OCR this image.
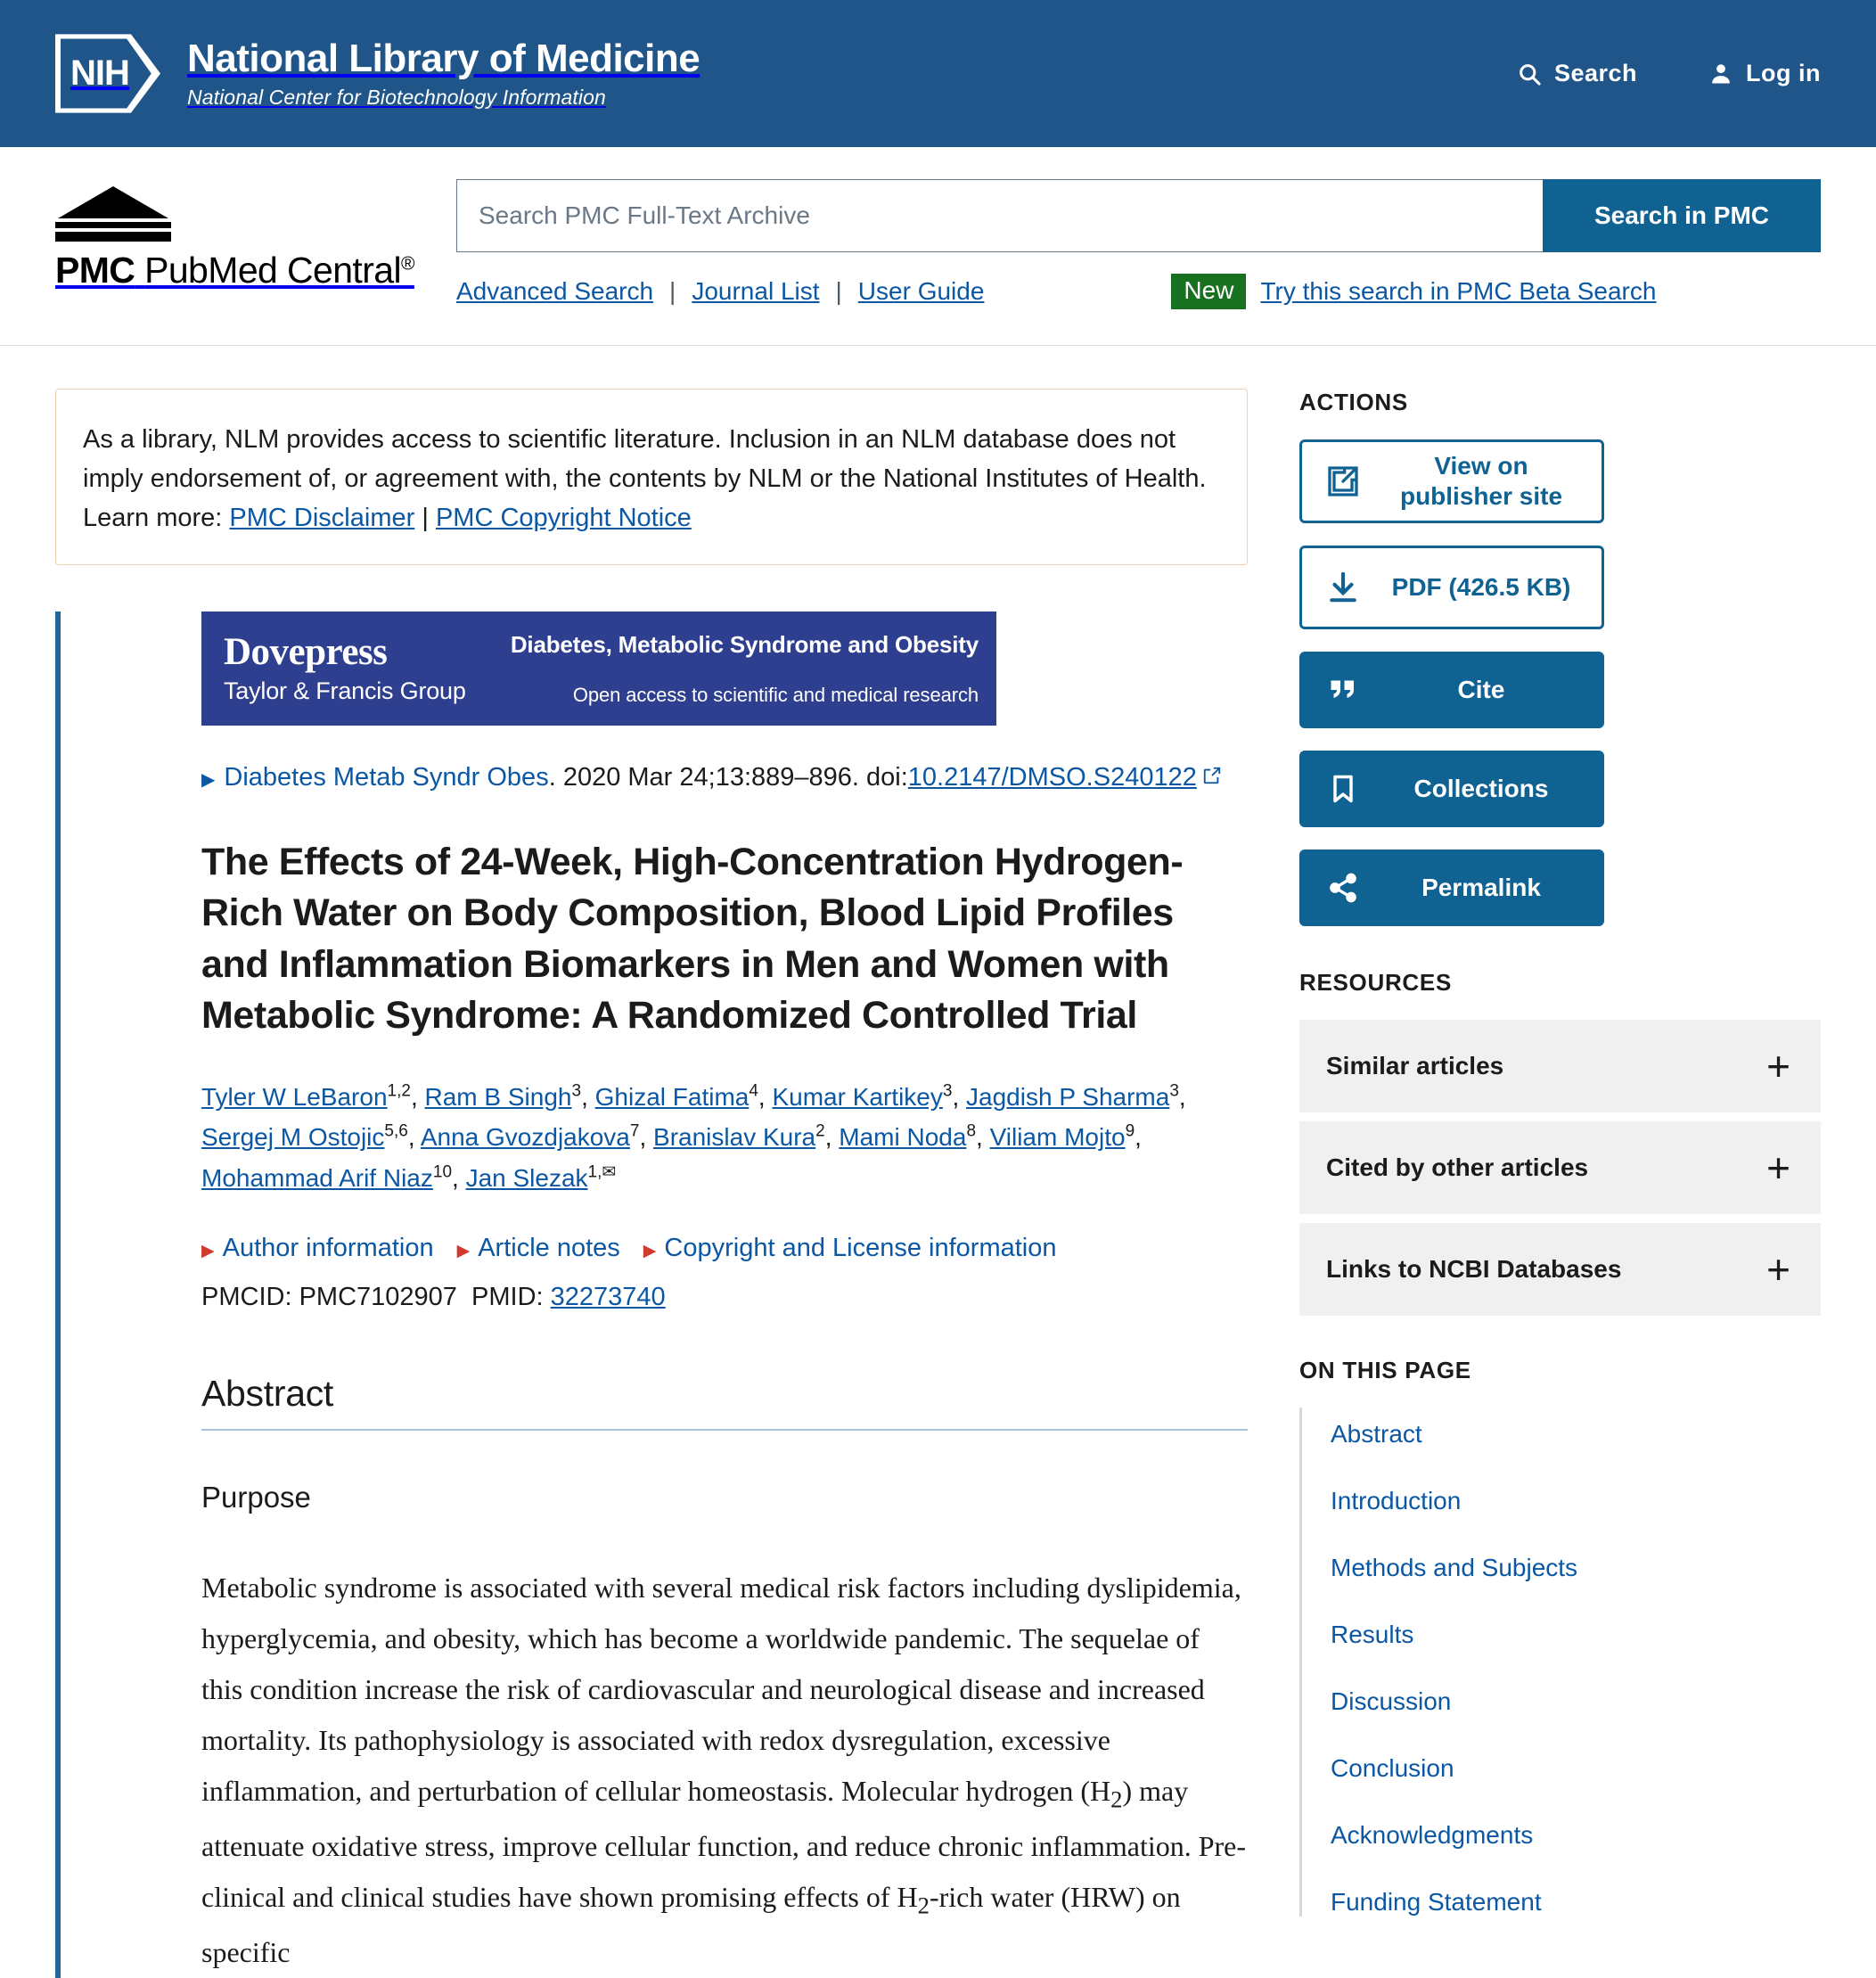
NIH National Library of Medicine
National Center for Biotechnology Information
Search	Log in
PMC PubMed Central®
Search PMC Full-Text Archive
Search in PMC
Advanced Search | Journal List | User Guide	New	Try this search in PMC Beta Search
As a library, NLM provides access to scientific literature. Inclusion in an NLM database does not imply endorsement of, or agreement with, the contents by NLM or the National Institutes of Health. Learn more: PMC Disclaimer | PMC Copyright Notice
Dovepress
Taylor & Francis Group
Diabetes, Metabolic Syndrome and Obesity
Open access to scientific and medical research
▶ Diabetes Metab Syndr Obes . 2020 Mar 24;13:889–896. doi: 10.2147/DMSO.S240122
The Effects of 24-Week, High-Concentration Hydrogen-Rich Water on Body Composition, Blood Lipid Profiles and Inflammation Biomarkers in Men and Women with Metabolic Syndrome: A Randomized Controlled Trial
Tyler W LeBaron$^{1,2}$, Ram B Singh$^3$, Ghizal Fatima$^4$, Kumar Kartikey$^3$, Jagdish P Sharma$^3$, Sergej M Ostojic$^{5,6}$, Anna Gvozdjakova$^7$, Branislav Kura$^2$, Mami Noda$^8$, Viliam Mojto$^9$, Mohammad Arif Niaz$^{10}$, Jan Slezak$^{1,✉}$
▶ Author information ▶ Article notes ▶ Copyright and License information
PMCID: PMC7102907 PMID: 32273740
Abstract
Purpose

Metabolic syndrome is associated with several medical risk factors including dyslipidemia, hyperglycemia, and obesity, which has become a worldwide pandemic. The sequelae of this condition increase the risk of cardiovascular and neurological disease and increased mortality. Its pathophysiology is associated with redox dysregulation, excessive inflammation, and perturbation of cellular homeostasis. Molecular hydrogen $(H_2)$ may attenuate oxidative stress, improve cellular function, and reduce chronic inflammation. Pre-clinical and clinical studies have shown promising effects of $H_2$-rich water (HRW) on specific

ACTIONS
View on publisher site
PDF (426.5 KB)
Cite
Collections
Permalink
RESOURCES
Similar articles	+
Cited by other articles	+
Links to NCBI Databases	+
ON THIS PAGE
Abstract
Introduction
Methods and Subjects
Results
Discussion
Conclusion
Acknowledgments
Funding Statement
